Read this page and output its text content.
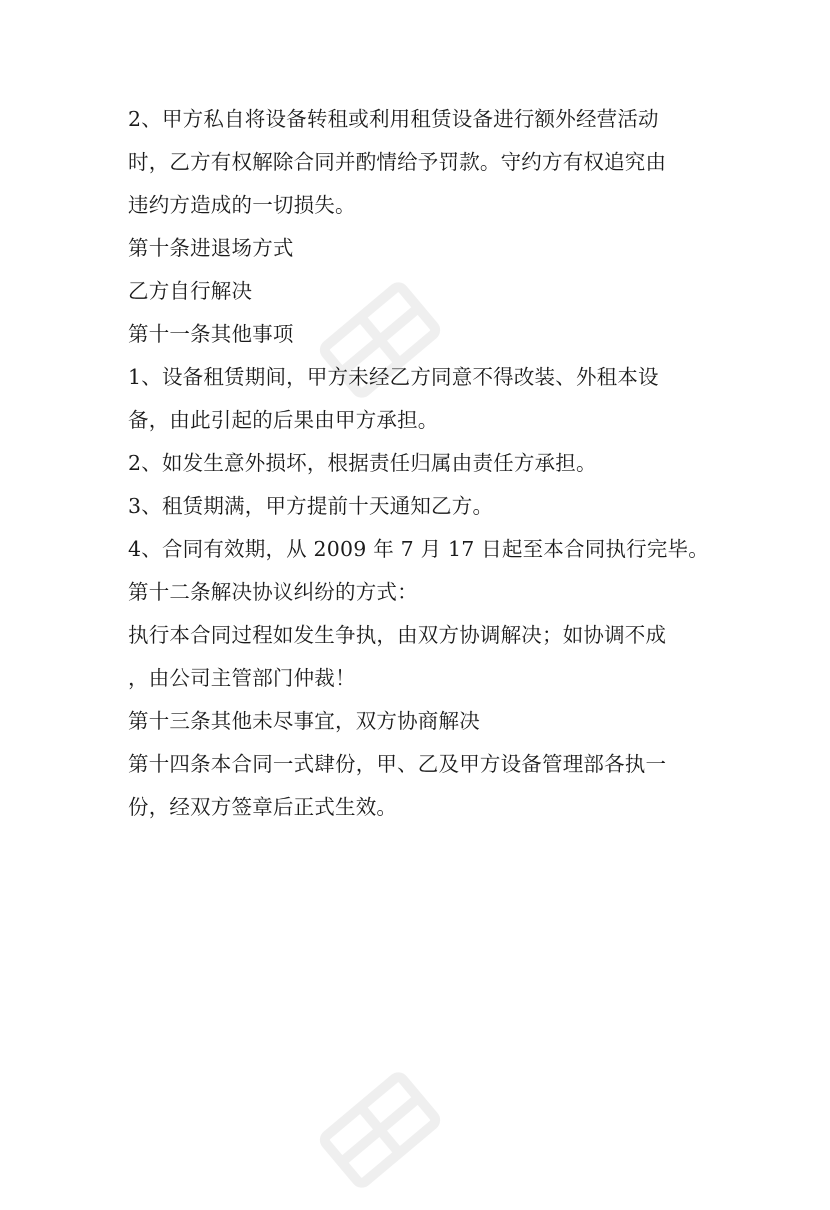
2、甲方私自将设备转租或利用租赁设备进行额外经营活动
时，乙方有权解除合同并酌情给予罚款。守约方有权追究由
违约方造成的一切损失。
第十条进退场方式
乙方自行解决
第十一条其他事项
1、设备租赁期间，甲方未经乙方同意不得改装、外租本设
备，由此引起的后果由甲方承担。
2、如发生意外损坏，根据责任归属由责任方承担。
3、租赁期满，甲方提前十天通知乙方。
4、合同有效期，从 2009 年 7 月 17 日起至本合同执行完毕。
第十二条解决协议纠纷的方式：
执行本合同过程如发生争执，由双方协调解决；如协调不成
，由公司主管部门仲裁！
第十三条其他未尽事宜，双方协商解决
第十四条本合同一式肆份，甲、乙及甲方设备管理部各执一
份，经双方签章后正式生效。
